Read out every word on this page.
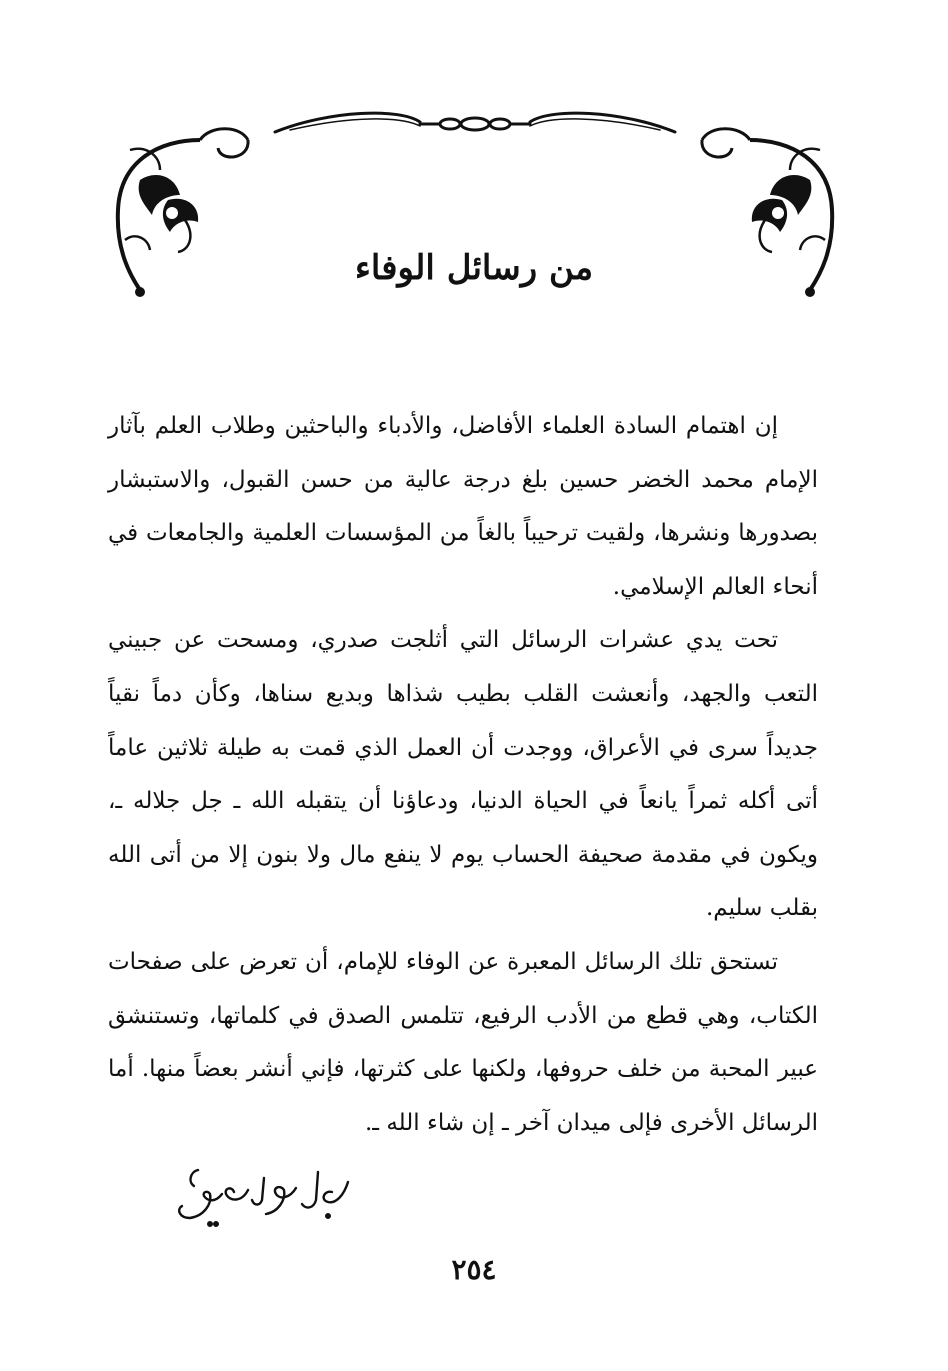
من رسائل الوفاء

إن اهتمام السادة العلماء الأفاضل، والأدباء والباحثين وطلاب العلم بآثار الإمام محمد الخضر حسين بلغ درجة عالية من حسن القبول، والاستبشار بصدورها ونشرها، ولقيت ترحيباً بالغاً من المؤسسات العلمية والجامعات في أنحاء العالم الإسلامي.

تحت يدي عشرات الرسائل التي أثلجت صدري، ومسحت عن جبيني التعب والجهد، وأنعشت القلب بطيب شذاها وبديع سناها، وكأن دماً نقياً جديداً سرى في الأعراق، ووجدت أن العمل الذي قمت به طيلة ثلاثين عاماً أتى أكله ثمراً يانعاً في الحياة الدنيا، ودعاؤنا أن يتقبله الله ـ جل جلاله ـ، ويكون في مقدمة صحيفة الحساب يوم لا ينفع مال ولا بنون إلا من أتى الله بقلب سليم.

تستحق تلك الرسائل المعبرة عن الوفاء للإمام، أن تعرض على صفحات الكتاب، وهي قطع من الأدب الرفيع، تتلمس الصدق في كلماتها، وتستنشق عبير المحبة من خلف حروفها، ولكنها على كثرتها، فإني أنشر بعضاً منها. أما الرسائل الأخرى فإلى ميدان آخر ـ إن شاء الله ـ.

٢٥٤
